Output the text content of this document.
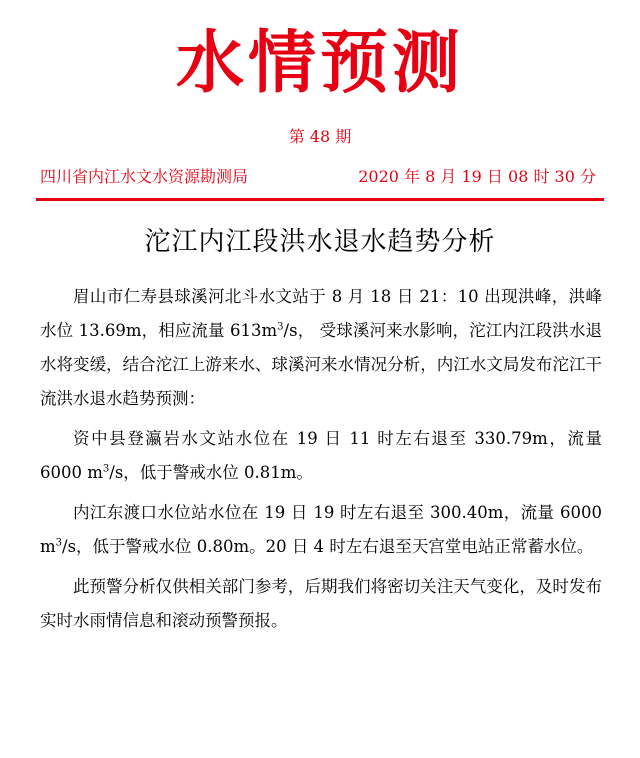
水情预测
第 48 期
四川省内江水文水资源勘测局	2020 年 8 月 19 日 08 时 30 分
沱江内江段洪水退水趋势分析

眉山市仁寿县球溪河北斗水文站于 8 月 18 日 21：10 出现洪峰，洪峰水位 13.69m，相应流量 $613m^3/s$， 受球溪河来水影响，沱江内江段洪水退水将变缓，结合沱江上游来水、球溪河来水情况分析，内江水文局发布沱江干流洪水退水趋势预测：

资中县登瀛岩水文站水位在 19 日 11 时左右退至 330.79m，流量 6000 $m^3/s$，低于警戒水位 0.81m。

内江东渡口水位站水位在 19 日 19 时左右退至 300.40m，流量 6000 $m^3/s$，低于警戒水位 0.80m。20 日 4 时左右退至天宫堂电站正常蓄水位。

此预警分析仅供相关部门参考，后期我们将密切关注天气变化，及时发布实时水雨情信息和滚动预警预报。
